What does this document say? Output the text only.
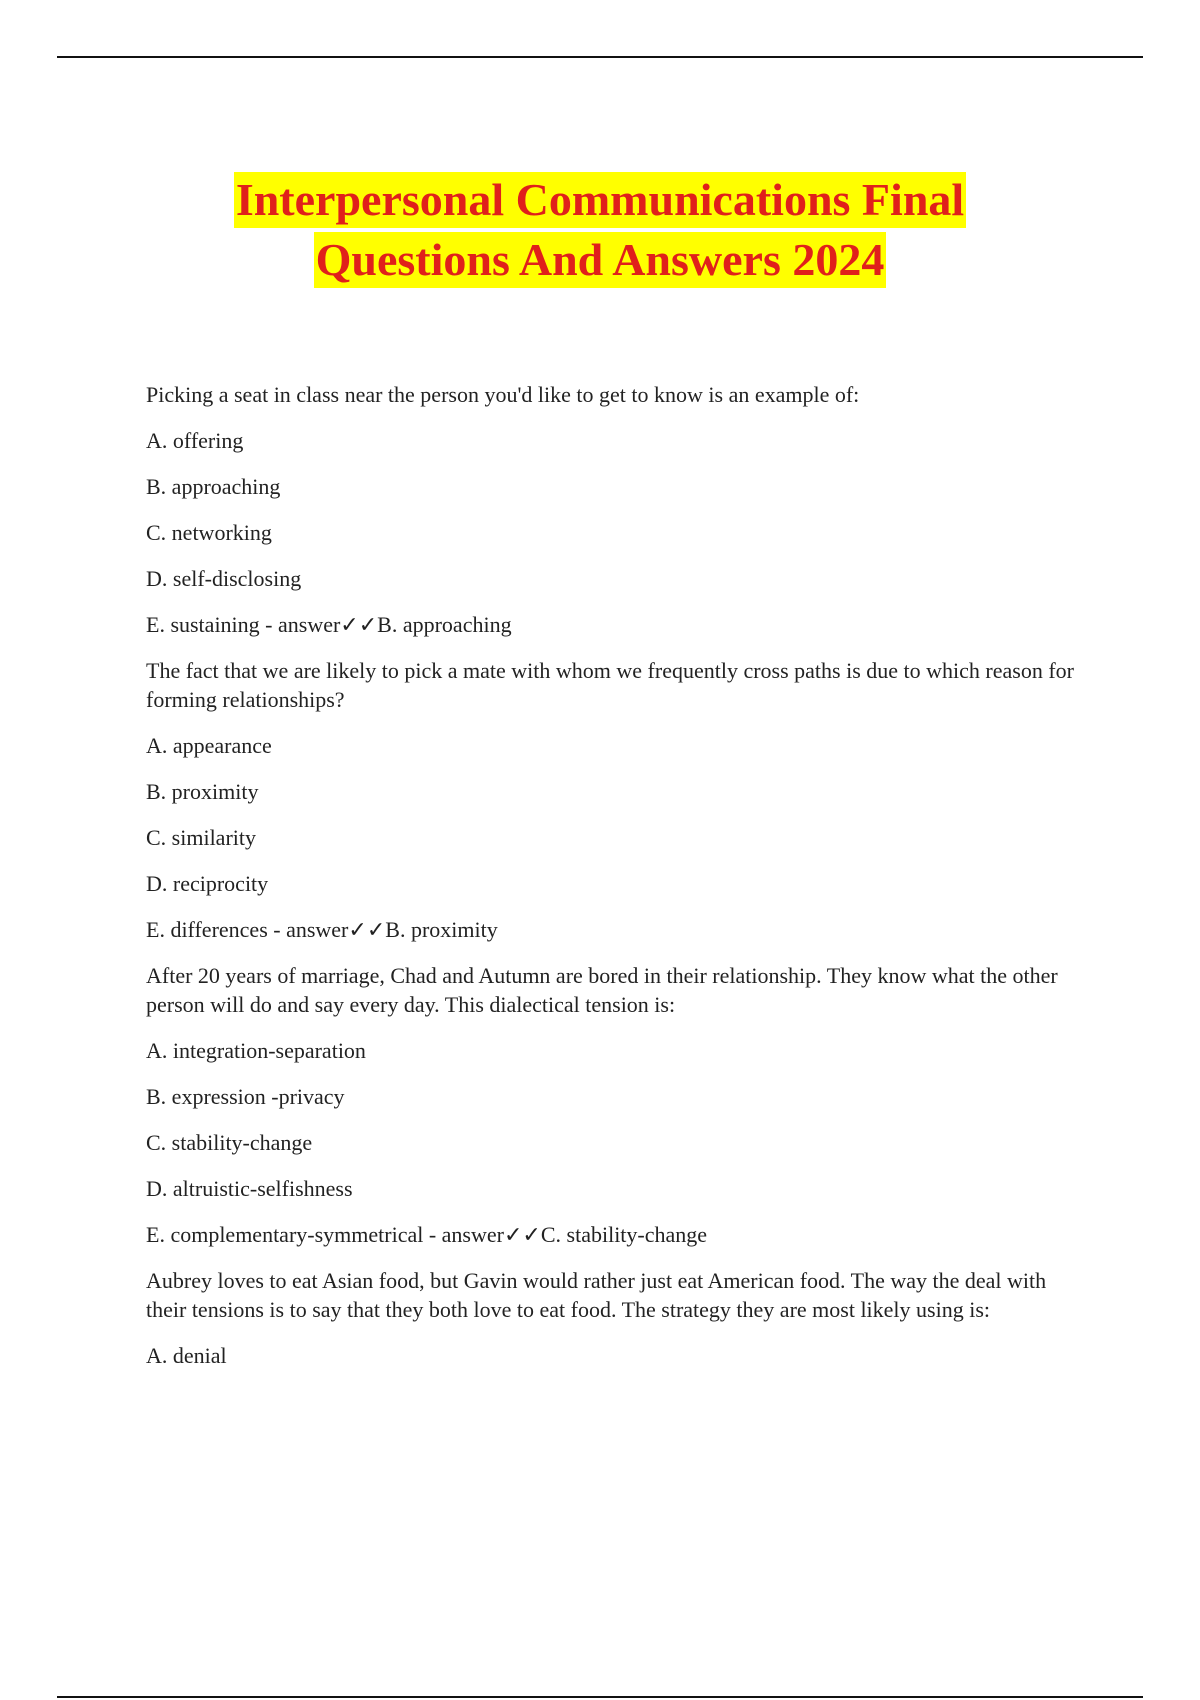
Interpersonal Communications Final
Questions And Answers 2024

Picking a seat in class near the person you'd like to get to know is an example of:

A. offering

B. approaching

C. networking

D. self-disclosing

E. sustaining - answer✓✓B. approaching

The fact that we are likely to pick a mate with whom we frequently cross paths is due to which reason for forming relationships?

A. appearance

B. proximity

C. similarity

D. reciprocity

E. differences - answer✓✓B. proximity

After 20 years of marriage, Chad and Autumn are bored in their relationship. They know what the other person will do and say every day. This dialectical tension is:

A. integration-separation

B. expression -privacy

C. stability-change

D. altruistic-selfishness

E. complementary-symmetrical - answer✓✓C. stability-change

Aubrey loves to eat Asian food, but Gavin would rather just eat American food. The way the deal with their tensions is to say that they both love to eat food. The strategy they are most likely using is:

A. denial
